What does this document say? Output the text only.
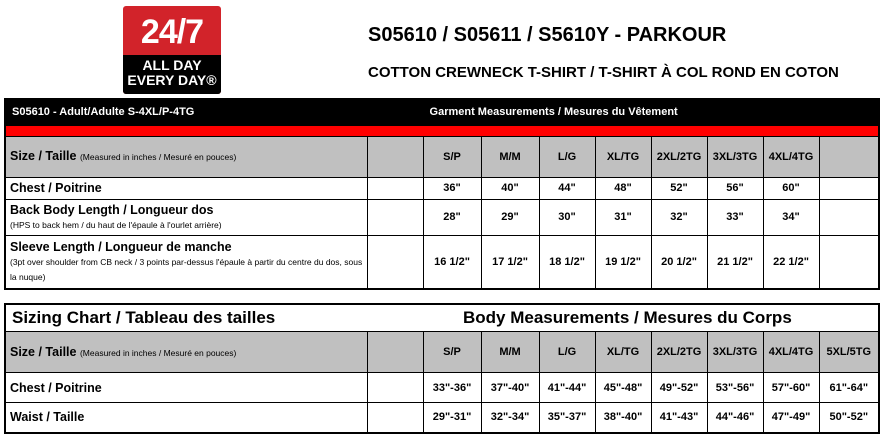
24/7
ALL DAY
EVERY DAY®
S05610 / S05611 / S5610Y - PARKOUR
COTTON CREWNECK T-SHIRT / T-SHIRT À COL ROND EN COTON
S05610 - Adult/Adulte S-4XL/P-4TG		Garment Measurements / Mesures du Vêtement							

Size / Taille (Measured in inches / Mesuré en pouces)		S/P	M/M	L/G	XL/TG	2XL/2TG	3XL/3TG	4XL/4TG	
Chest / Poitrine		36"	40"	44"	48"	52"	56"	60"	
Back Body Length / Longueur dos
(HPS to back hem / du haut de l'épaule à l'ourlet arrière)		28"	29"	30"	31"	32"	33"	34"	
Sleeve Length / Longueur de manche
(3pt over shoulder from CB neck / 3 points par-dessus l'épaule à partir du centre du dos, sous la nuque)		16 1/2"	17 1/2"	18 1/2"	19 1/2"	20 1/2"	21 1/2"	22 1/2"	
Sizing Chart / Tableau des tailles		Body Measurements / Mesures du Corps							
Size / Taille (Measured in inches / Mesuré en pouces)		S/P	M/M	L/G	XL/TG	2XL/2TG	3XL/3TG	4XL/4TG	5XL/5TG
Chest / Poitrine		33"-36"	37"-40"	41"-44"	45"-48"	49"-52"	53"-56"	57"-60"	61"-64"
Waist / Taille		29"-31"	32"-34"	35"-37"	38"-40"	41"-43"	44"-46"	47"-49"	50"-52"
